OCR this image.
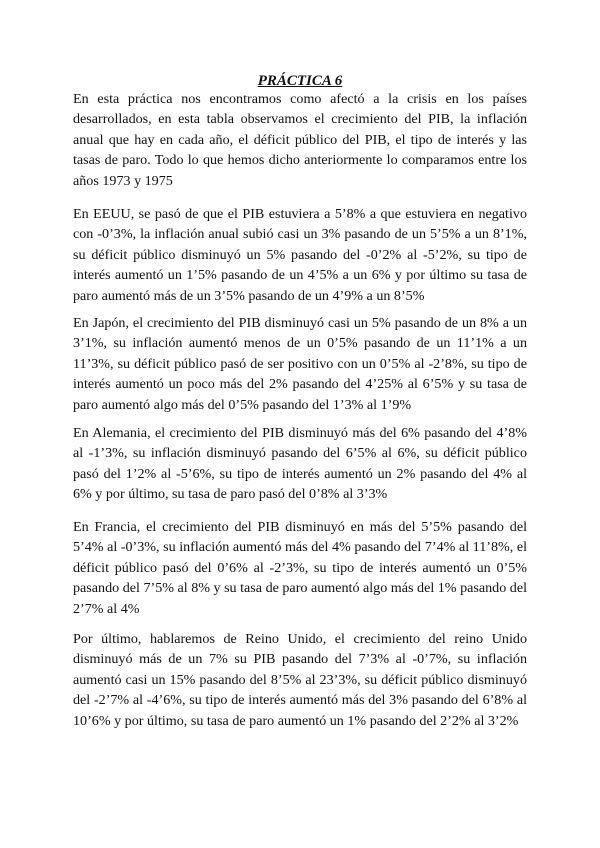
PRÁCTICA 6

En esta práctica nos encontramos como afectó a la crisis en los países desarrollados, en esta tabla observamos el crecimiento del PIB, la inflación anual que hay en cada año, el déficit público del PIB, el tipo de interés y las tasas de paro. Todo lo que hemos dicho anteriormente lo comparamos entre los años 1973 y 1975

En EEUU, se pasó de que el PIB estuviera a 5’8% a que estuviera en negativo con -0’3%, la inflación anual subió casi un 3% pasando de un 5’5% a un 8’1%, su déficit público disminuyó un 5% pasando del -0’2% al -5’2%, su tipo de interés aumentó un 1’5% pasando de un 4’5% a un 6% y por último su tasa de paro aumentó más de un 3’5% pasando de un 4’9% a un 8’5%

En Japón, el crecimiento del PIB disminuyó casi un 5% pasando de un 8% a un 3’1%, su inflación aumentó menos de un 0’5% pasando de un 11’1% a un 11’3%, su déficit público pasó de ser positivo con un 0’5% al -2’8%, su tipo de interés aumentó un poco más del 2% pasando del 4’25% al 6’5% y su tasa de paro aumentó algo más del 0’5% pasando del 1’3% al 1’9%

En Alemania, el crecimiento del PIB disminuyó más del 6% pasando del 4’8% al -1’3%, su inflación disminuyó pasando del 6’5% al 6%, su déficit público pasó del 1’2% al -5’6%, su tipo de interés aumentó un 2% pasando del 4% al 6% y por último, su tasa de paro pasó del 0’8% al 3’3%

En Francia, el crecimiento del PIB disminuyó en más del 5’5% pasando del 5’4% al -0’3%, su inflación aumentó más del 4% pasando del 7’4% al 11’8%, el déficit público pasó del 0’6% al -2’3%, su tipo de interés aumentó un 0’5% pasando del 7’5% al 8% y su tasa de paro aumentó algo más del 1% pasando del 2’7% al 4%

Por último, hablaremos de Reino Unido, el crecimiento del reino Unido disminuyó más de un 7% su PIB pasando del 7’3% al -0’7%, su inflación aumentó casi un 15% pasando del 8’5% al 23’3%, su déficit público disminuyó del -2’7% al -4’6%, su tipo de interés aumentó más del 3% pasando del 6’8% al 10’6% y por último, su tasa de paro aumentó un 1% pasando del 2’2% al 3’2%
